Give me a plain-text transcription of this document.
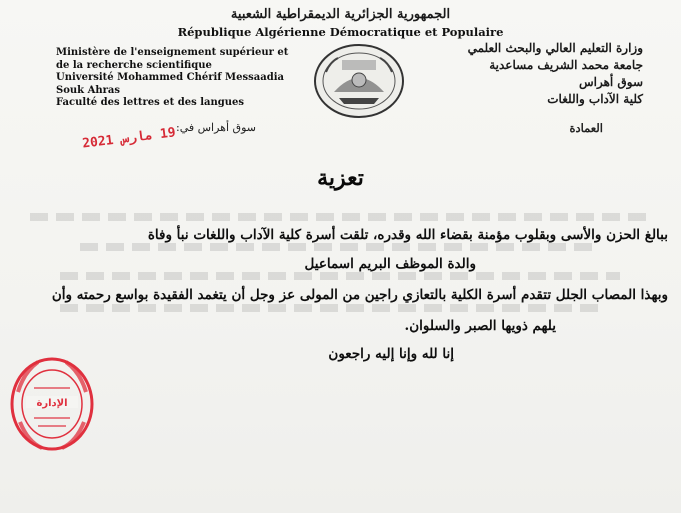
الجمهورية الجزائرية الديمقراطية الشعبية
République Algérienne Démocratique et Populaire
Ministère de l'enseignement supérieur et
de la recherche scientifique
Université Mohammed Chérif Messaadia
Souk Ahras
Faculté des lettres et des langues
وزارة التعليم العالي والبحث العلمي
جامعة محمد الشريف مساعدية
سوق أهراس
كلية الآداب واللغات
العمادة
سوق أهراس في:
19 مارس 2021
تعزية
ببالغ الحزن والأسى وبقلوب مؤمنة بقضاء الله وقدره، تلقت أسرة كلية الآداب واللغات نبأ وفاة
والدة الموظف البريم اسماعيل
وبهذا المصاب الجلل تتقدم أسرة الكلية بالتعازي راجين من المولى عز وجل أن يتغمد الفقيدة بواسع رحمته وأن
يلهم ذويها الصبر والسلوان.
إنا لله وإنا إليه راجعون
الإدارة
